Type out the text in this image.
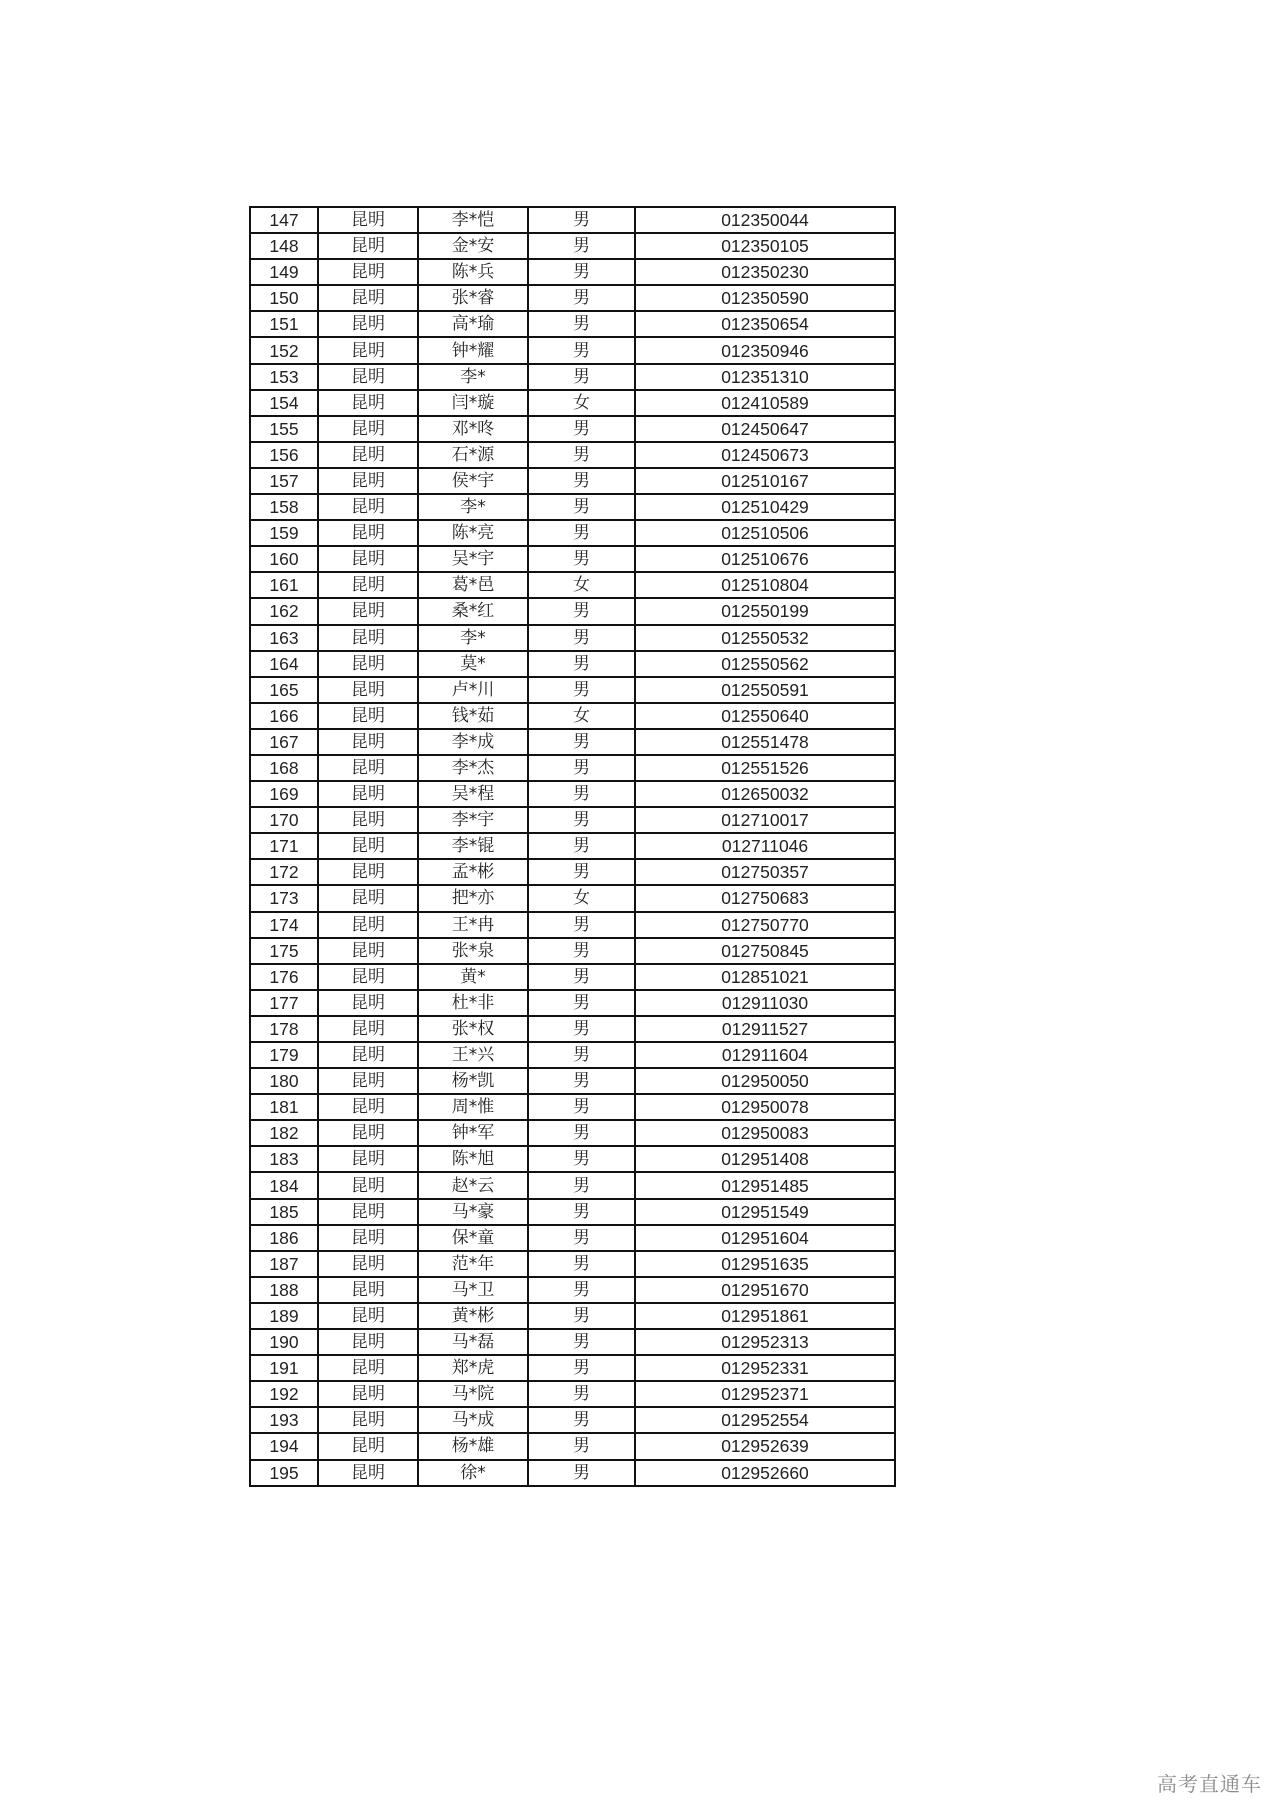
147	昆明	李*恺	男	012350044
148	昆明	金*安	男	012350105
149	昆明	陈*兵	男	012350230
150	昆明	张*睿	男	012350590
151	昆明	高*瑜	男	012350654
152	昆明	钟*耀	男	012350946
153	昆明	李*	男	012351310
154	昆明	闫*璇	女	012410589
155	昆明	邓*咚	男	012450647
156	昆明	石*源	男	012450673
157	昆明	侯*宇	男	012510167
158	昆明	李*	男	012510429
159	昆明	陈*亮	男	012510506
160	昆明	吴*宇	男	012510676
161	昆明	葛*邑	女	012510804
162	昆明	桑*红	男	012550199
163	昆明	李*	男	012550532
164	昆明	莫*	男	012550562
165	昆明	卢*川	男	012550591
166	昆明	钱*茹	女	012550640
167	昆明	李*成	男	012551478
168	昆明	李*杰	男	012551526
169	昆明	吴*程	男	012650032
170	昆明	李*宇	男	012710017
171	昆明	李*锟	男	012711046
172	昆明	孟*彬	男	012750357
173	昆明	把*亦	女	012750683
174	昆明	王*冉	男	012750770
175	昆明	张*泉	男	012750845
176	昆明	黄*	男	012851021
177	昆明	杜*非	男	012911030
178	昆明	张*权	男	012911527
179	昆明	王*兴	男	012911604
180	昆明	杨*凯	男	012950050
181	昆明	周*惟	男	012950078
182	昆明	钟*军	男	012950083
183	昆明	陈*旭	男	012951408
184	昆明	赵*云	男	012951485
185	昆明	马*豪	男	012951549
186	昆明	保*童	男	012951604
187	昆明	范*年	男	012951635
188	昆明	马*卫	男	012951670
189	昆明	黄*彬	男	012951861
190	昆明	马*磊	男	012952313
191	昆明	郑*虎	男	012952331
192	昆明	马*院	男	012952371
193	昆明	马*成	男	012952554
194	昆明	杨*雄	男	012952639
195	昆明	徐*	男	012952660
高考直通车
